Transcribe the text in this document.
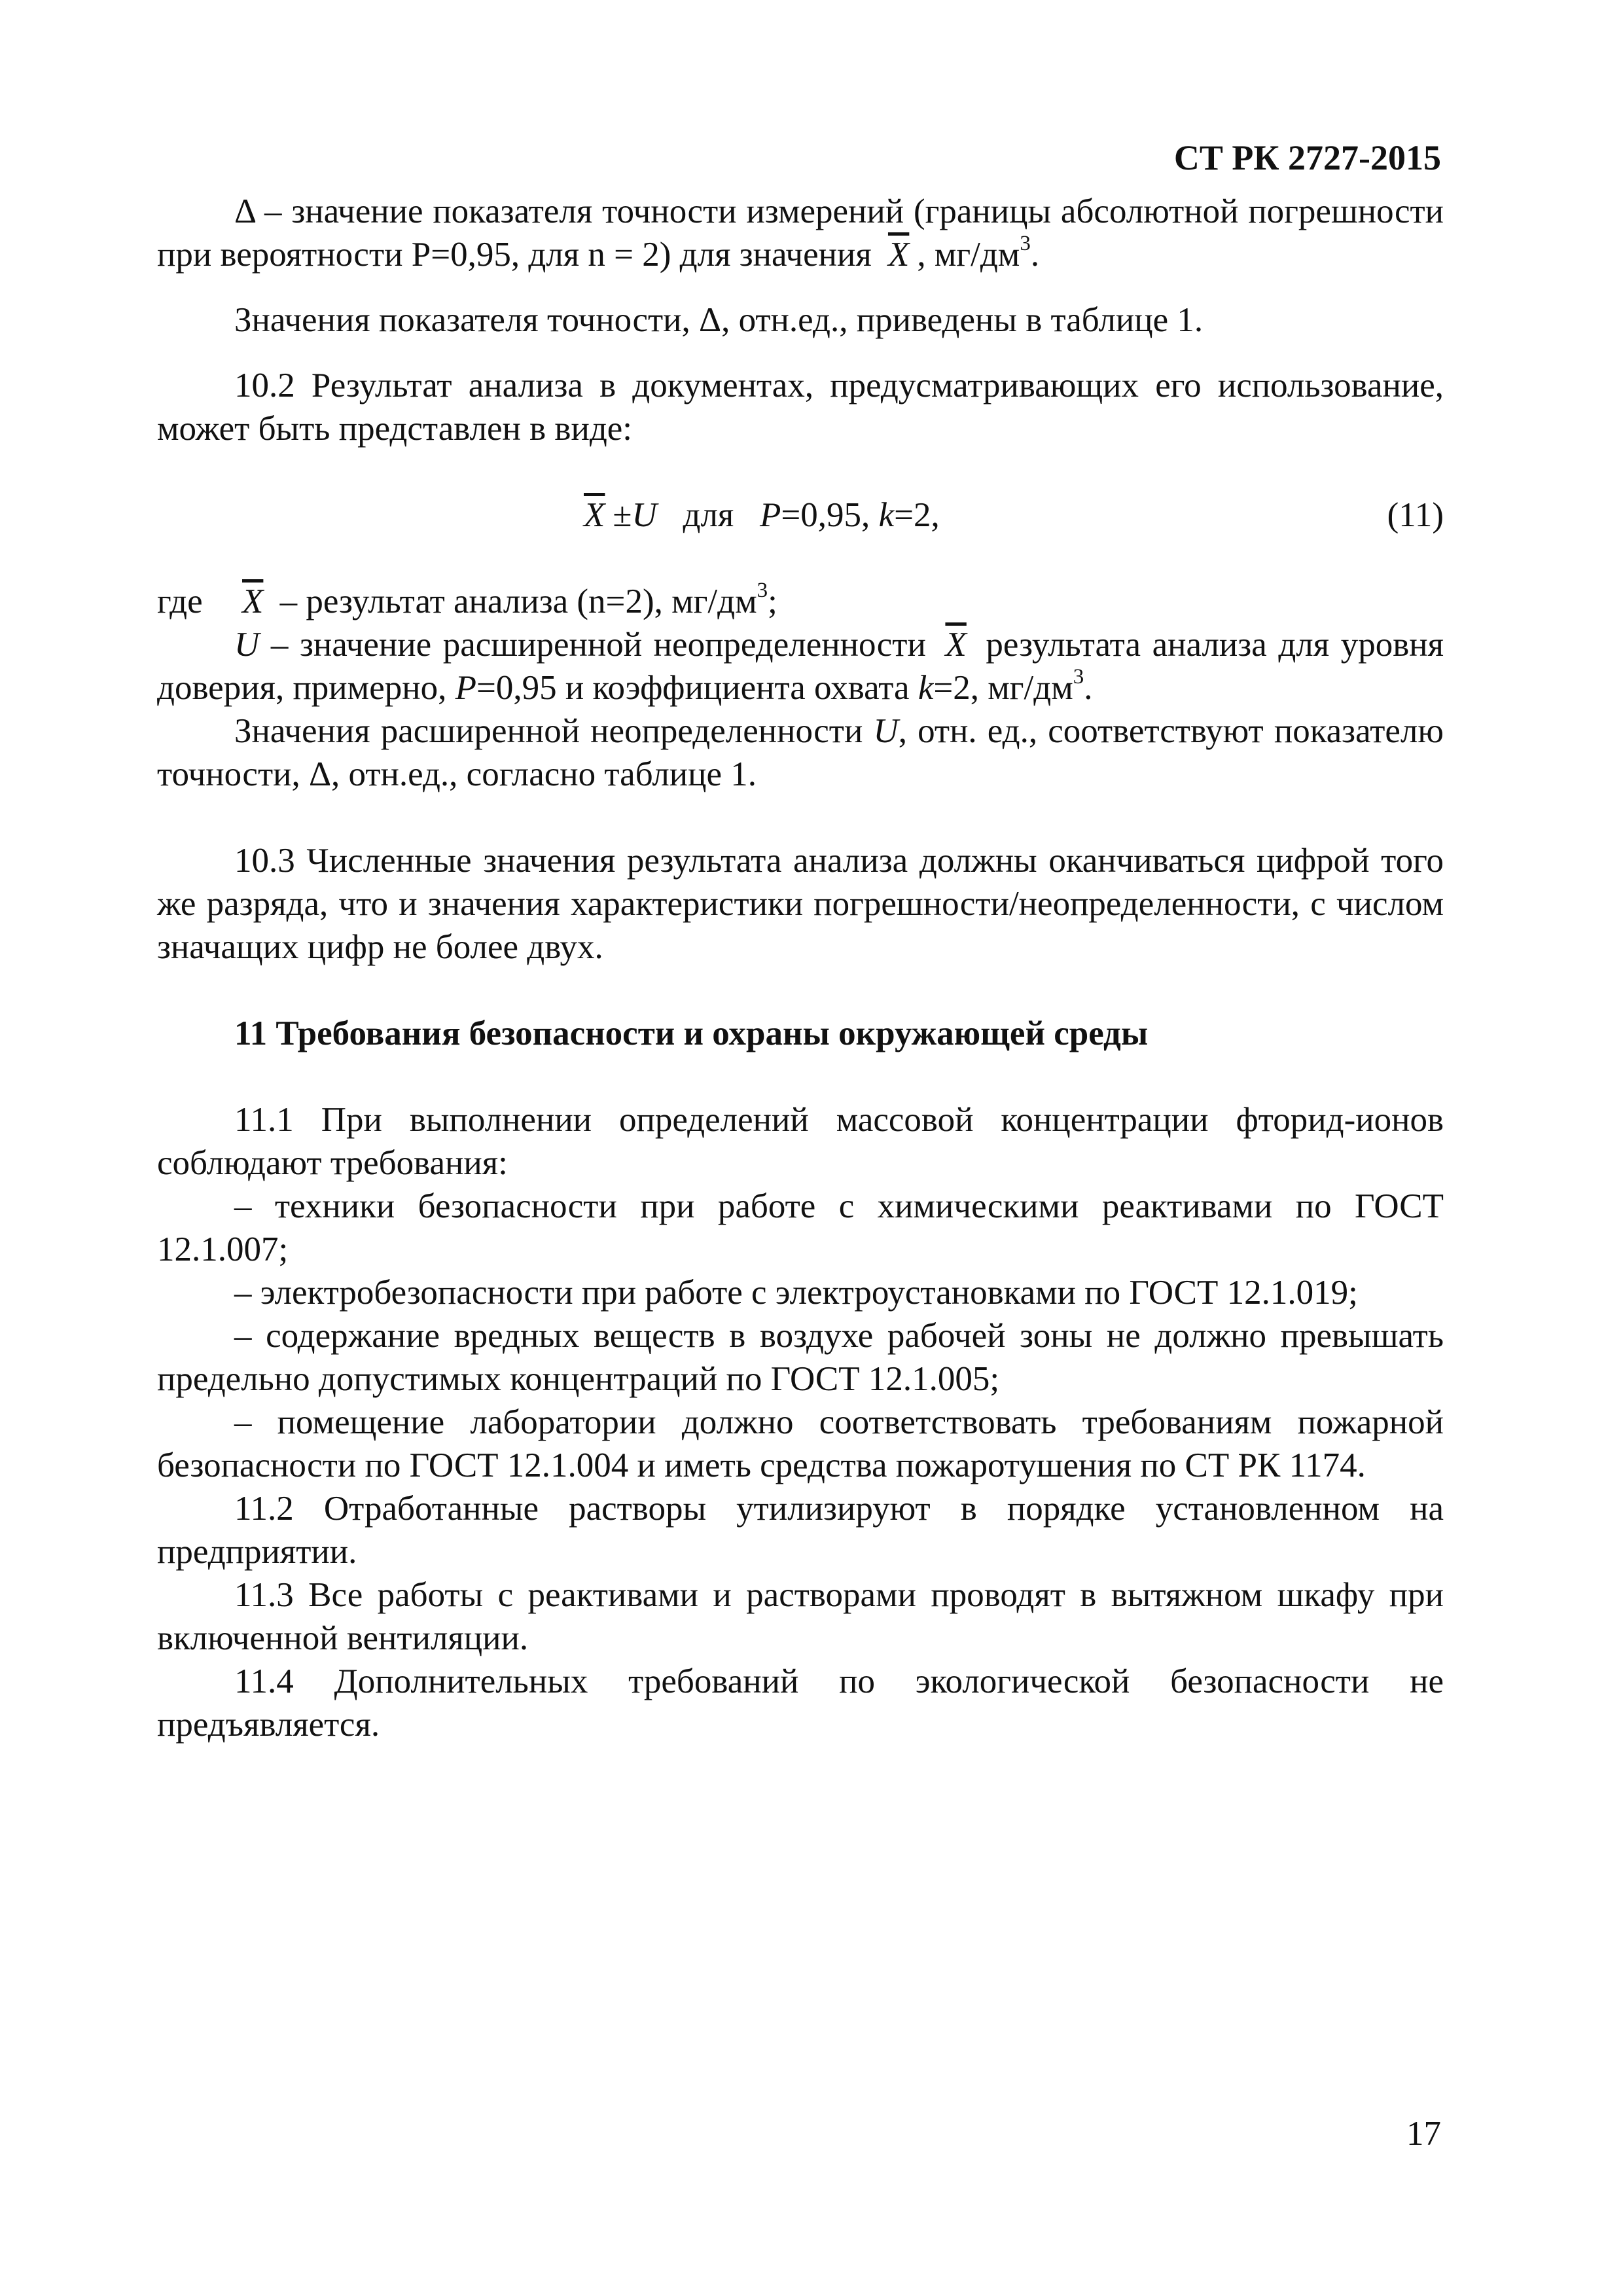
СТ РК 2727-2015

Δ – значение показателя точности измерений (границы абсолютной погрешности при вероятности Р=0,95, для n = 2) для значения $\overline{X}$ , $мг/дм^3$.

Значения показателя точности, Δ, отн.ед., приведены в таблице 1.

10.2 Результат анализа в документах, предусматривающих его использование, может быть представлен в виде:

$\overline{X} \pm U$ для P=0,95, k=2,	(11)

где $\overline{X}$ – результат анализа (n=2), $мг/дм^3$;

U – значение расширенной неопределенности $\overline{X}$ результата анализа для уровня доверия, примерно, P=0,95 и коэффициента охвата k=2, $мг/дм^3$.

Значения расширенной неопределенности U, отн. ед., соответствуют показателю точности, Δ, отн.ед., согласно таблице 1.

10.3 Численные значения результата анализа должны оканчиваться цифрой того же разряда, что и значения характеристики погрешности/неопределенности, с числом значащих цифр не более двух.

11 Требования безопасности и охраны окружающей среды

11.1 При выполнении определений массовой концентрации фторид-ионов соблюдают требования:

– техники безопасности при работе с химическими реактивами по ГОСТ 12.1.007;

– электробезопасности при работе с электроустановками по ГОСТ 12.1.019;

– содержание вредных веществ в воздухе рабочей зоны не должно превышать предельно допустимых концентраций по ГОСТ 12.1.005;

– помещение лаборатории должно соответствовать требованиям пожарной безопасности по ГОСТ 12.1.004 и иметь средства пожаротушения по СТ РК 1174.

11.2 Отработанные растворы утилизируют в порядке установленном на предприятии.

11.3 Все работы с реактивами и растворами проводят в вытяжном шкафу при включенной вентиляции.

11.4 Дополнительных требований по экологической безопасности не предъявляется.

17
